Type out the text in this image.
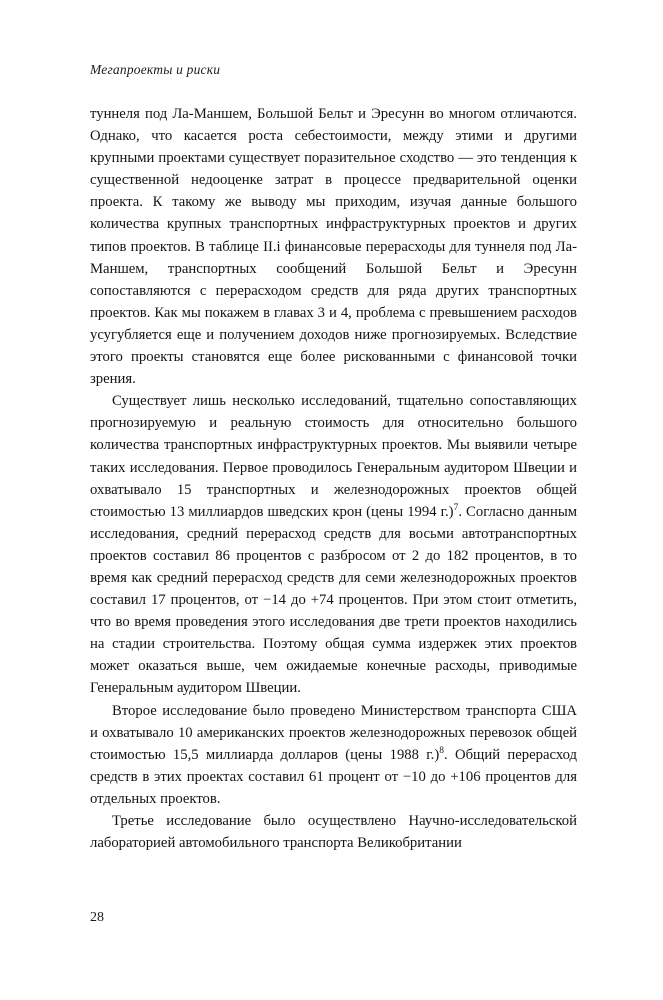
Мегапроекты и риски

туннеля под Ла-Маншем, Большой Бельт и Эресунн во многом отличаются. Однако, что касается роста себестоимости, между этими и другими крупными проектами существует поразительное сходство — это тенденция к существенной недооценке затрат в процессе предварительной оценки проекта. К такому же выводу мы приходим, изучая данные большого количества крупных транспортных инфраструктурных проектов и других типов проектов. В таблице II.i финансовые перерасходы для туннеля под Ла-Маншем, транспортных сообщений Большой Бельт и Эресунн сопоставляются с перерасходом средств для ряда других транспортных проектов. Как мы покажем в главах 3 и 4, проблема с превышением расходов усугубляется еще и получением доходов ниже прогнозируемых. Вследствие этого проекты становятся еще более рискованными с финансовой точки зрения.

Существует лишь несколько исследований, тщательно сопоставляющих прогнозируемую и реальную стоимость для относительно большого количества транспортных инфраструктурных проектов. Мы выявили четыре таких исследования. Первое проводилось Генеральным аудитором Швеции и охватывало 15 транспортных и железнодорожных проектов общей стоимостью 13 миллиардов шведских крон (цены 1994 г.)$^7$. Согласно данным исследования, средний перерасход средств для восьми автотранспортных проектов составил 86 процентов с разбросом от 2 до 182 процентов, в то время как средний перерасход средств для семи железнодорожных проектов составил 17 процентов, от −14 до +74 процентов. При этом стоит отметить, что во время проведения этого исследования две трети проектов находились на стадии строительства. Поэтому общая сумма издержек этих проектов может оказаться выше, чем ожидаемые конечные расходы, приводимые Генеральным аудитором Швеции.

Второе исследование было проведено Министерством транспорта США и охватывало 10 американских проектов железнодорожных перевозок общей стоимостью 15,5 миллиарда долларов (цены 1988 г.)$^8$. Общий перерасход средств в этих проектах составил 61 процент от −10 до +106 процентов для отдельных проектов.

Третье исследование было осуществлено Научно-исследовательской лабораторией автомобильного транспорта Великобритании

28
